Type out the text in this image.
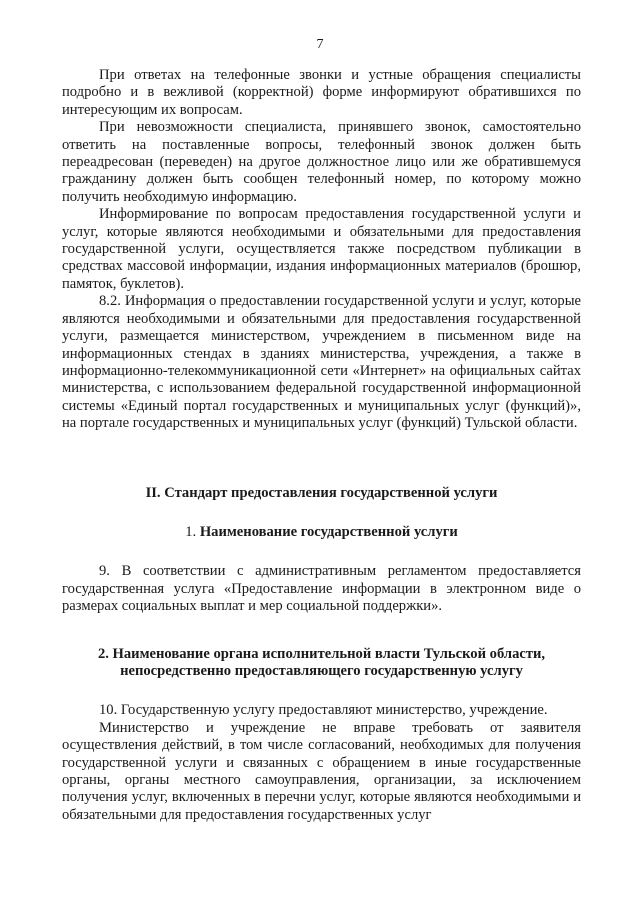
7

При ответах на телефонные звонки и устные обращения специалисты подробно и в вежливой (корректной) форме информируют обратившихся по интересующим их вопросам.

При невозможности специалиста, принявшего звонок, самостоятельно ответить на поставленные вопросы, телефонный звонок должен быть переадресован (переведен) на другое должностное лицо или же обратившемуся гражданину должен быть сообщен телефонный номер, по которому можно получить необходимую информацию.

Информирование по вопросам предоставления государственной услуги и услуг, которые являются необходимыми и обязательными для предоставления государственной услуги, осуществляется также посредством публикации в средствах массовой информации, издания информационных материалов (брошюр, памяток, буклетов).

8.2. Информация о предоставлении государственной услуги и услуг, которые являются необходимыми и обязательными для предоставления государственной услуги, размещается министерством, учреждением в письменном виде на информационных стендах в зданиях министерства, учреждения, а также в информационно-телекоммуникационной сети «Интернет» на официальных сайтах министерства, с использованием федеральной государственной информационной системы «Единый портал государственных и муниципальных услуг (функций)», на портале государственных и муниципальных услуг (функций) Тульской области.

II. Стандарт предоставления государственной услуги

1. Наименование государственной услуги

9. В соответствии с административным регламентом предоставляется государственная услуга «Предоставление информации в электронном виде о размерах социальных выплат и мер социальной поддержки».

2. Наименование органа исполнительной власти Тульской области,

непосредственно предоставляющего государственную услугу

10. Государственную услугу предоставляют министерство, учреждение.

Министерство и учреждение не вправе требовать от заявителя осуществления действий, в том числе согласований, необходимых для получения государственной услуги и связанных с обращением в иные государственные органы, органы местного самоуправления, организации, за исключением получения услуг, включенных в перечни услуг, которые являются необходимыми и обязательными для предоставления государственных услуг
